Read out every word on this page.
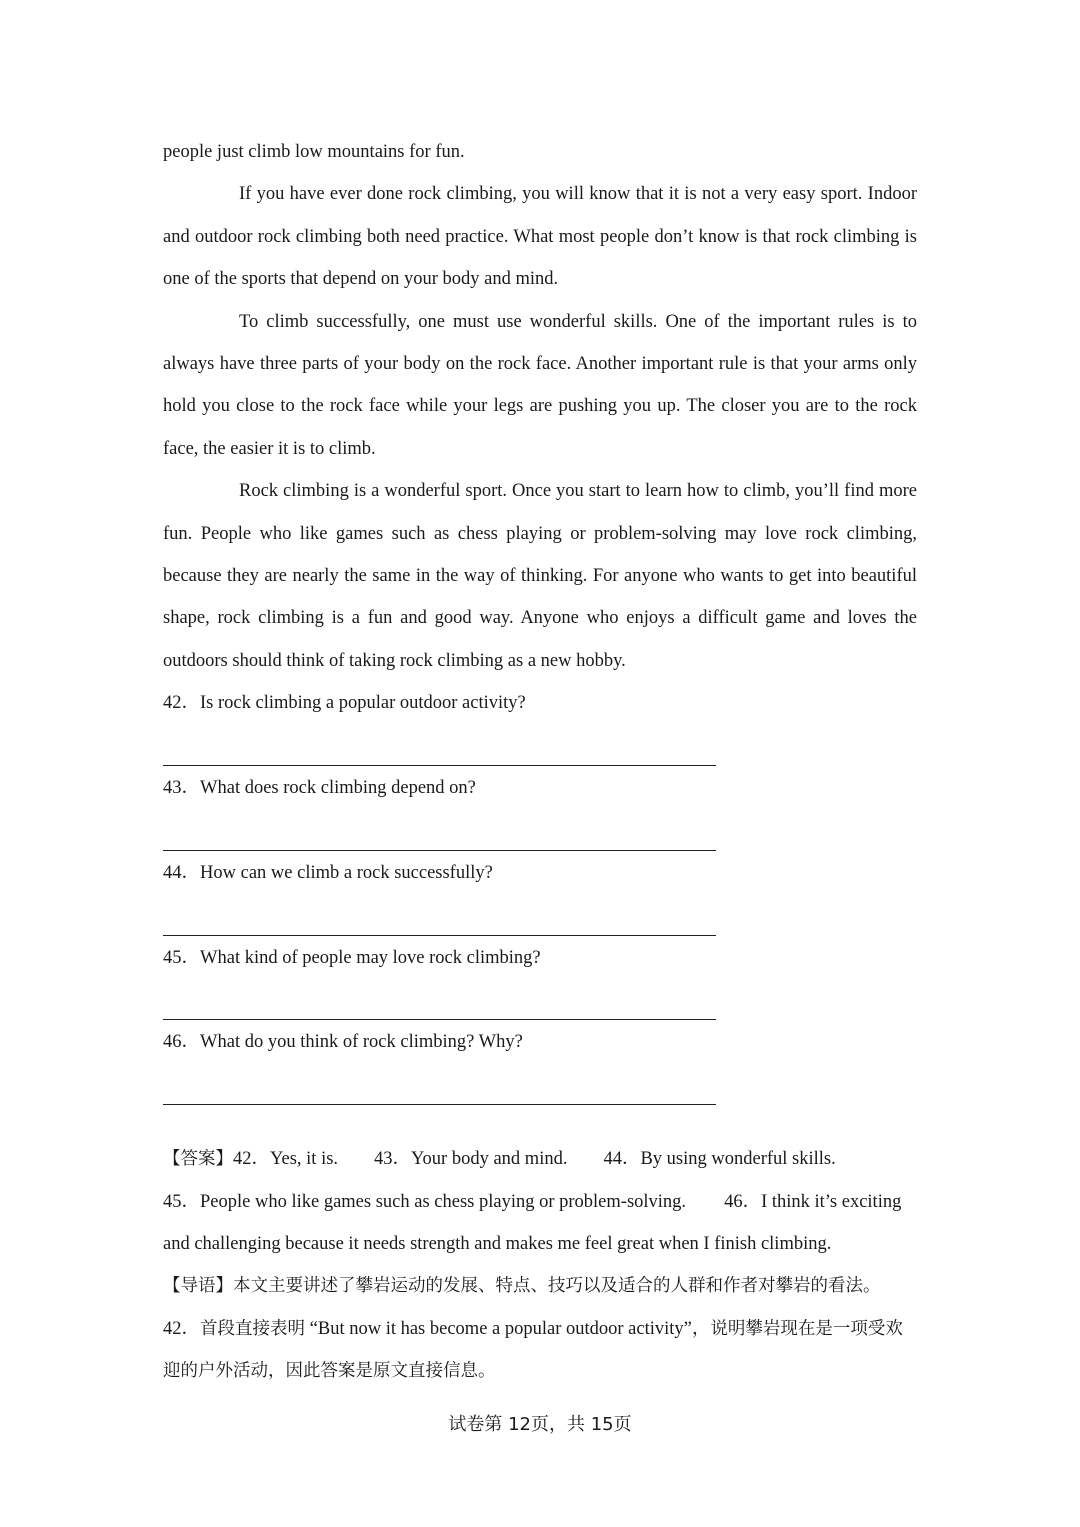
people just climb low mountains for fun.

If you have ever done rock climbing, you will know that it is not a very easy sport. Indoor and outdoor rock climbing both need practice. What most people don’t know is that rock climbing is one of the sports that depend on your body and mind.

To climb successfully, one must use wonderful skills. One of the important rules is to always have three parts of your body on the rock face. Another important rule is that your arms only hold you close to the rock face while your legs are pushing you up. The closer you are to the rock face, the easier it is to climb.

Rock climbing is a wonderful sport. Once you start to learn how to climb, you’ll find more fun. People who like games such as chess playing or problem-solving may love rock climbing, because they are nearly the same in the way of thinking. For anyone who wants to get into beautiful shape, rock climbing is a fun and good way. Anyone who enjoys a difficult game and loves the outdoors should think of taking rock climbing as a new hobby.

42．Is rock climbing a popular outdoor activity?

43．What does rock climbing depend on?

44．How can we climb a rock successfully?

45．What kind of people may love rock climbing?

46．What do you think of rock climbing? Why?

【答案】42．Yes, it is. 43．Your body and mind. 44．By using wonderful skills.
45．People who like games such as chess playing or problem-solving. 46．I think it’s exciting
and challenging because it needs strength and makes me feel great when I finish climbing.

【导语】本文主要讲述了攀岩运动的发展、特点、技巧以及适合的人群和作者对攀岩的看法。

42．首段直接表明 “But now it has become a popular outdoor activity”，说明攀岩现在是一项受欢迎的户外活动，因此答案是原文直接信息。

试卷第 12页，共 15页
